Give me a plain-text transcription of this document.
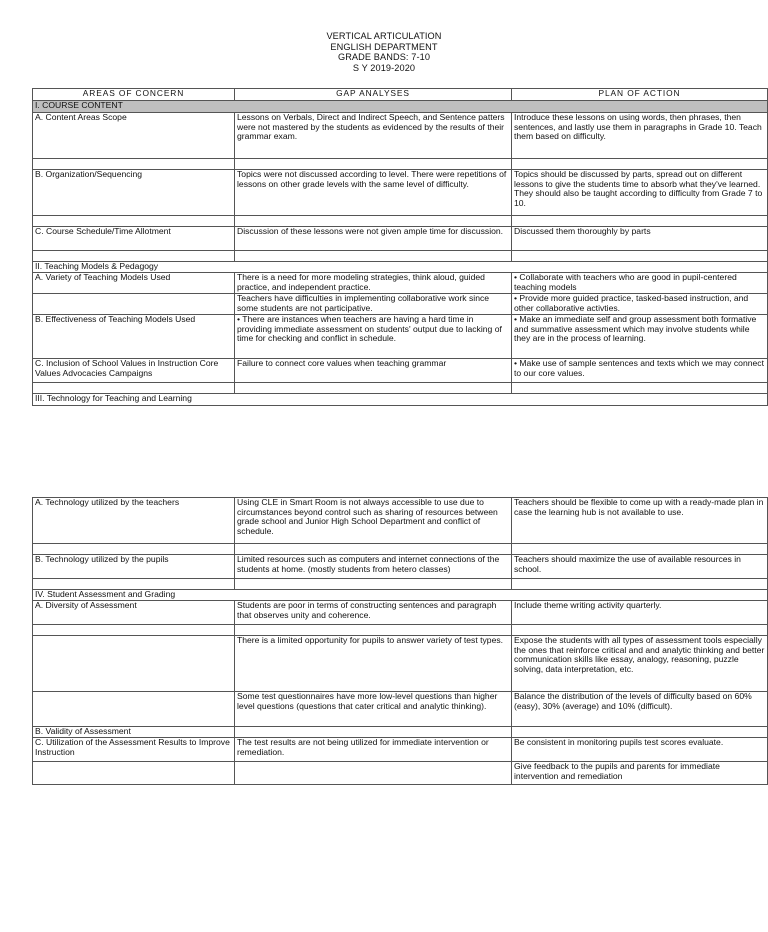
VERTICAL ARTICULATION
ENGLISH DEPARTMENT
GRADE BANDS: 7-10
S Y 2019-2020
AREAS OF CONCERN	GAP ANALYSES	PLAN OF ACTION
I. COURSE CONTENT		
A. Content Areas Scope	Lessons on Verbals, Direct and Indirect Speech, and Sentence patters were not mastered by the students as evidenced by the results of their grammar exam.	Introduce these lessons on using words, then phrases, then sentences, and lastly use them in paragraphs in Grade 10. Teach them based on difficulty.

B. Organization/Sequencing	Topics were not discussed according to level. There were repetitions of lessons on other grade levels with the same level of difficulty.	Topics should be discussed by parts, spread out on different lessons to give the students time to absorb what they've learned. They should also be taught according to difficulty from Grade 7 to 10.

C. Course Schedule/Time Allotment	Discussion of these lessons were not given ample time for discussion.	Discussed them thoroughly by parts

II. Teaching Models & Pedagogy		
A. Variety of Teaching Models Used	There is a need for more modeling strategies, think aloud, guided practice, and independent practice.	• Collaborate with teachers who are good in pupil-centered teaching models
	Teachers have difficulties in implementing collaborative work since some students are not participative.	• Provide more guided practice, tasked-based instruction, and other collaborative activties.
B. Effectiveness of Teaching Models Used	• There are instances when teachers are having a hard time in providing immediate assessment on students' output due to lacking of time for checking and conflict in schedule.	• Make an immediate self and group assessment both formative and summative assessment which may involve students while they are in the process of learning.
C. Inclusion of School Values in Instruction Core Values Advocacies Campaigns	Failure to connect core values when teaching grammar	• Make use of sample sentences and texts which we may connect to our core values.

III. Technology for Teaching and Learning		
A. Technology utilized by the teachers	Using CLE in Smart Room is not always accessible to use due to circumstances beyond control such as sharing of resources between grade school and Junior High School Department and conflict of schedule.	Teachers should be flexible to come up with a ready-made plan in case the learning hub is not available to use.

B. Technology utilized by the pupils	Limited resources such as computers and internet connections of the students at home. (mostly students from hetero classes)	Teachers should maximize the use of available resources in school.

IV. Student Assessment and Grading		
A. Diversity of Assessment	Students are poor in terms of constructing sentences and paragraph that observes unity and coherence.	Include theme writing activity quarterly.

	There is a limited opportunity for pupils to answer variety of test types.	Expose the students with all types of assessment tools especially the ones that reinforce critical and and analytic thinking and better communication skills like essay, analogy, reasoning, puzzle solving, data interpretation, etc.
	Some test questionnaires have more low-level questions than higher level questions (questions that cater critical and analytic thinking).	Balance the distribution of the levels of difficulty based on 60% (easy), 30% (average) and 10% (difficult).
B. Validity of Assessment		
C. Utilization of the Assessment Results to Improve Instruction	The test results are not being utilized for immediate intervention or remediation.	Be consistent in monitoring pupils test scores evaluate.
		Give feedback to the pupils and parents for immediate intervention and remediation
